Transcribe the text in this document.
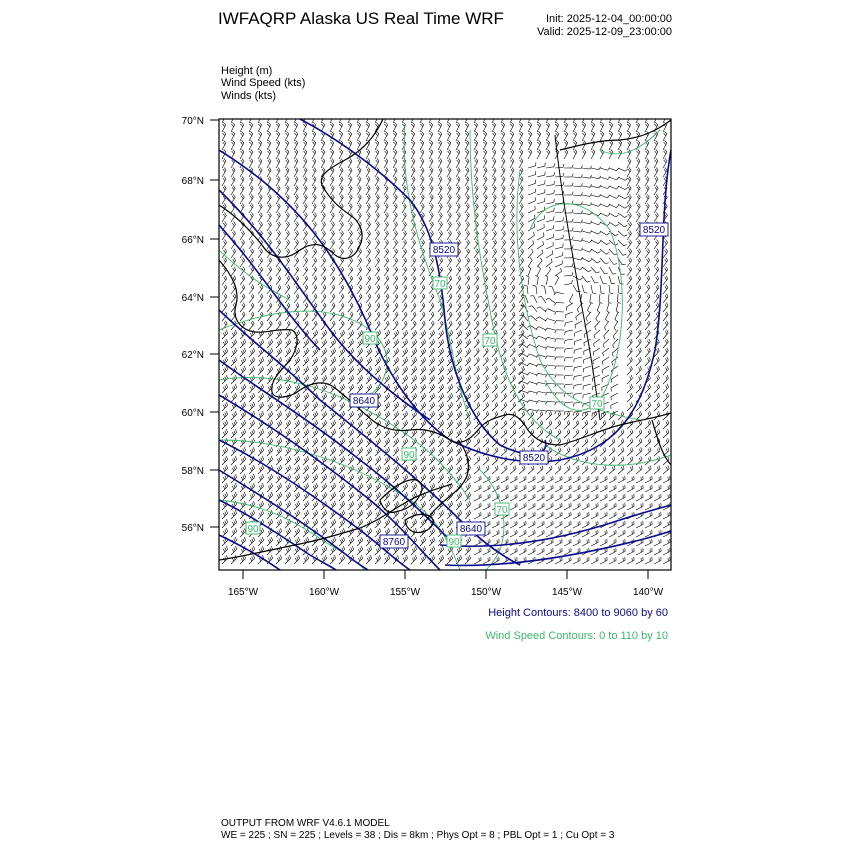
IWFAQRP Alaska US Real Time WRF	Init: 2025-12-04_00:00:00
Valid: 2025-12-09_23:00:00
Height (m)
Wind Speed (kts)
Winds (kts)
8520
8640
8520
8520
8640
8760
70
90	70
90
70
90
90
70
56°N
58°N
60°N
62°N
64°N
66°N
68°N
70°N
165°W	160°W	155°W	150°W	145°W	140°W
Height Contours: 8400 to 9060 by 60
Wind Speed Contours: 0 to 110 by 10
OUTPUT FROM WRF V4.6.1 MODEL
WE = 225 ; SN = 225 ; Levels = 38 ; Dis = 8km ; Phys Opt = 8 ; PBL Opt = 1 ; Cu Opt = 3
